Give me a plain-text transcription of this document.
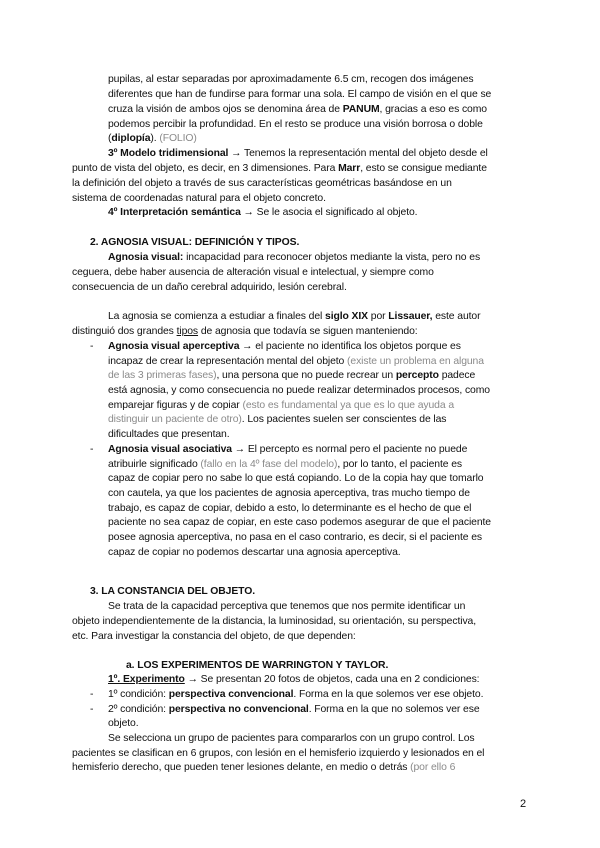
pupilas, al estar separadas por aproximadamente 6.5 cm, recogen dos imágenes
diferentes que han de fundirse para formar una sola. El campo de visión en el que se
cruza la visión de ambos ojos se denomina área de PANUM, gracias a eso es como
podemos percibir la profundidad. En el resto se produce una visión borrosa o doble
(diplopía). (FOLIO)
3º Modelo tridimensional → Tenemos la representación mental del objeto desde el
punto de vista del objeto, es decir, en 3 dimensiones. Para Marr, esto se consigue mediante
la definición del objeto a través de sus características geométricas basándose en un
sistema de coordenadas natural para el objeto concreto.
4º Interpretación semántica → Se le asocia el significado al objeto.
2. AGNOSIA VISUAL: DEFINICIÓN Y TIPOS.
Agnosia visual: incapacidad para reconocer objetos mediante la vista, pero no es
ceguera, debe haber ausencia de alteración visual e intelectual, y siempre como
consecuencia de un daño cerebral adquirido, lesión cerebral.
La agnosia se comienza a estudiar a finales del siglo XIX por Lissauer, este autor
distinguió dos grandes tipos de agnosia que todavía se siguen manteniendo:
- Agnosia visual aperceptiva → el paciente no identifica los objetos porque es
incapaz de crear la representación mental del objeto (existe un problema en alguna
de las 3 primeras fases), una persona que no puede recrear un percepto padece
está agnosia, y como consecuencia no puede realizar determinados procesos, como
emparejar figuras y de copiar (esto es fundamental ya que es lo que ayuda a
distinguir un paciente de otro). Los pacientes suelen ser conscientes de las
dificultades que presentan.
- Agnosia visual asociativa → El percepto es normal pero el paciente no puede
atribuirle significado (fallo en la 4º fase del modelo), por lo tanto, el paciente es
capaz de copiar pero no sabe lo que está copiando. Lo de la copia hay que tomarlo
con cautela, ya que los pacientes de agnosia aperceptiva, tras mucho tiempo de
trabajo, es capaz de copiar, debido a esto, lo determinante es el hecho de que el
paciente no sea capaz de copiar, en este caso podemos asegurar de que el paciente
posee agnosia aperceptiva, no pasa en el caso contrario, es decir, si el paciente es
capaz de copiar no podemos descartar una agnosia aperceptiva.
3. LA CONSTANCIA DEL OBJETO.
Se trata de la capacidad perceptiva que tenemos que nos permite identificar un
objeto independientemente de la distancia, la luminosidad, su orientación, su perspectiva,
etc. Para investigar la constancia del objeto, de que dependen:
a. LOS EXPERIMENTOS DE WARRINGTON Y TAYLOR.
1º. Experimento → Se presentan 20 fotos de objetos, cada una en 2 condiciones:
- 1º condición: perspectiva convencional. Forma en la que solemos ver ese objeto.
- 2º condición: perspectiva no convencional. Forma en la que no solemos ver ese
objeto.
Se selecciona un grupo de pacientes para compararlos con un grupo control. Los
pacientes se clasifican en 6 grupos, con lesión en el hemisferio izquierdo y lesionados en el
hemisferio derecho, que pueden tener lesiones delante, en medio o detrás (por ello 6
2
